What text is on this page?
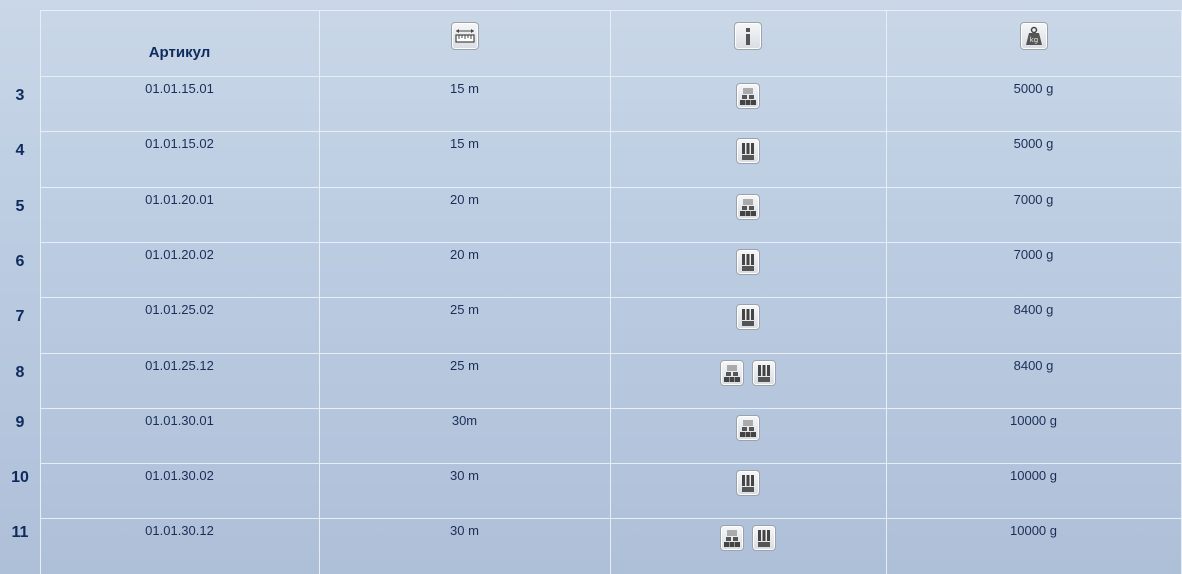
Артикул
kg
3	01.01.15.01	15 m	5000 g
4	01.01.15.02	15 m	5000 g
5	01.01.20.01	20 m	7000 g
6	01.01.20.02	20 m	7000 g
7	01.01.25.02	25 m	8400 g
8	01.01.25.12	25 m	8400 g
9	01.01.30.01	30m	10000 g
10	01.01.30.02	30 m	10000 g
11	01.01.30.12	30 m	10000 g
